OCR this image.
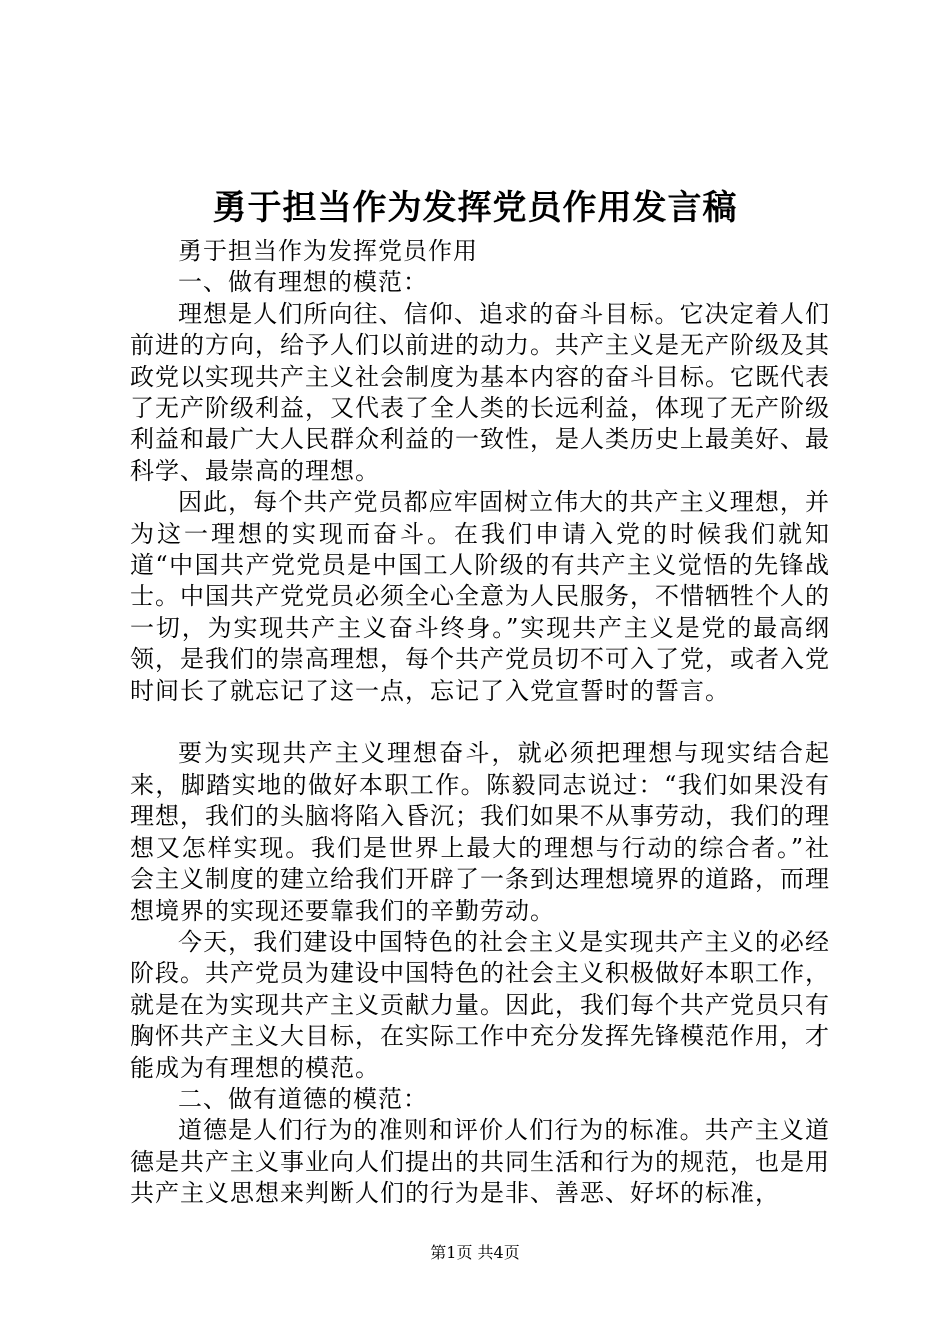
勇于担当作为发挥党员作用发言稿

勇于担当作为发挥党员作用

一、做有理想的模范：

理想是人们所向往、信仰、追求的奋斗目标。它决定着人们前进的方向，给予人们以前进的动力。共产主义是无产阶级及其政党以实现共产主义社会制度为基本内容的奋斗目标。它既代表了无产阶级利益，又代表了全人类的长远利益，体现了无产阶级利益和最广大人民群众利益的一致性，是人类历史上最美好、最科学、最崇高的理想。

因此，每个共产党员都应牢固树立伟大的共产主义理想，并为这一理想的实现而奋斗。在我们申请入党的时候我们就知道“中国共产党党员是中国工人阶级的有共产主义觉悟的先锋战士。中国共产党党员必须全心全意为人民服务，不惜牺牲个人的一切，为实现共产主义奋斗终身。”实现共产主义是党的最高纲领，是我们的崇高理想，每个共产党员切不可入了党，或者入党时间长了就忘记了这一点，忘记了入党宣誓时的誓言。

要为实现共产主义理想奋斗，就必须把理想与现实结合起来，脚踏实地的做好本职工作。陈毅同志说过：“我们如果没有理想，我们的头脑将陷入昏沉；我们如果不从事劳动，我们的理想又怎样实现。我们是世界上最大的理想与行动的综合者。”社会主义制度的建立给我们开辟了一条到达理想境界的道路，而理想境界的实现还要靠我们的辛勤劳动。

今天，我们建设中国特色的社会主义是实现共产主义的必经阶段。共产党员为建设中国特色的社会主义积极做好本职工作，就是在为实现共产主义贡献力量。因此，我们每个共产党员只有胸怀共产主义大目标，在实际工作中充分发挥先锋模范作用，才能成为有理想的模范。

二、做有道德的模范：

道德是人们行为的准则和评价人们行为的标准。共产主义道德是共产主义事业向人们提出的共同生活和行为的规范，也是用共产主义思想来判断人们的行为是非、善恶、好坏的标准，

第1页 共4页
